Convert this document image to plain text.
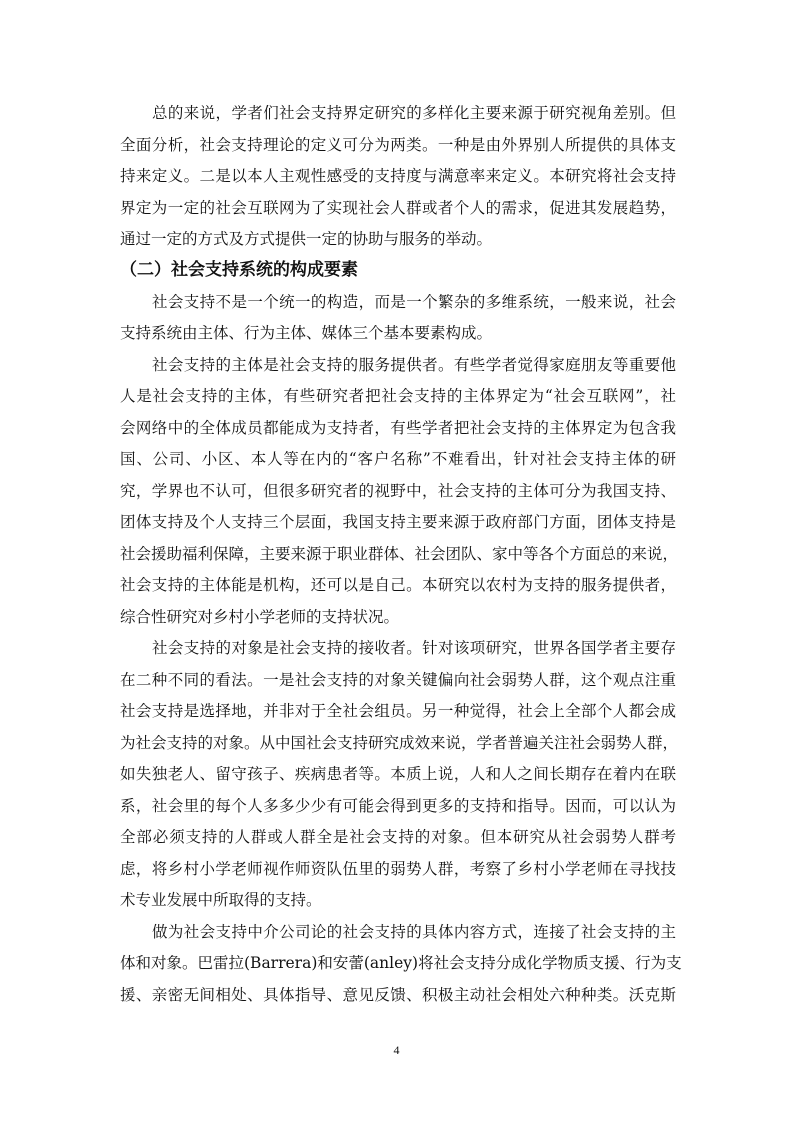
总的来说，学者们社会支持界定研究的多样化主要来源于研究视角差别。但
全面分析，社会支持理论的定义可分为两类。一种是由外界别人所提供的具体支
持来定义。二是以本人主观性感受的支持度与满意率来定义。本研究将社会支持
界定为一定的社会互联网为了实现社会人群或者个人的需求，促进其发展趋势，
通过一定的方式及方式提供一定的协助与服务的举动。
（二）社会支持系统的构成要素
社会支持不是一个统一的构造，而是一个繁杂的多维系统，一般来说，社会
支持系统由主体、行为主体、媒体三个基本要素构成。
社会支持的主体是社会支持的服务提供者。有些学者觉得家庭朋友等重要他
人是社会支持的主体，有些研究者把社会支持的主体界定为“社会互联网”，社
会网络中的全体成员都能成为支持者，有些学者把社会支持的主体界定为包含我
国、公司、小区、本人等在内的“客户名称”不难看出，针对社会支持主体的研
究，学界也不认可，但很多研究者的视野中，社会支持的主体可分为我国支持、
团体支持及个人支持三个层面，我国支持主要来源于政府部门方面，团体支持是
社会援助福利保障，主要来源于职业群体、社会团队、家中等各个方面总的来说，
社会支持的主体能是机构，还可以是自己。本研究以农村为支持的服务提供者，
综合性研究对乡村小学老师的支持状况。
社会支持的对象是社会支持的接收者。针对该项研究，世界各国学者主要存
在二种不同的看法。一是社会支持的对象关键偏向社会弱势人群，这个观点注重
社会支持是选择地，并非对于全社会组员。另一种觉得，社会上全部个人都会成
为社会支持的对象。从中国社会支持研究成效来说，学者普遍关注社会弱势人群，
如失独老人、留守孩子、疾病患者等。本质上说，人和人之间长期存在着内在联
系，社会里的每个人多多少少有可能会得到更多的支持和指导。因而，可以认为
全部必须支持的人群或人群全是社会支持的对象。但本研究从社会弱势人群考
虑，将乡村小学老师视作师资队伍里的弱势人群，考察了乡村小学老师在寻找技
术专业发展中所取得的支持。
做为社会支持中介公司论的社会支持的具体内容方式，连接了社会支持的主
体和对象。巴雷拉(Barrera)和安蕾(anley)将社会支持分成化学物质支援、行为支
援、亲密无间相处、具体指导、意见反馈、积极主动社会相处六种种类。沃克斯
4
